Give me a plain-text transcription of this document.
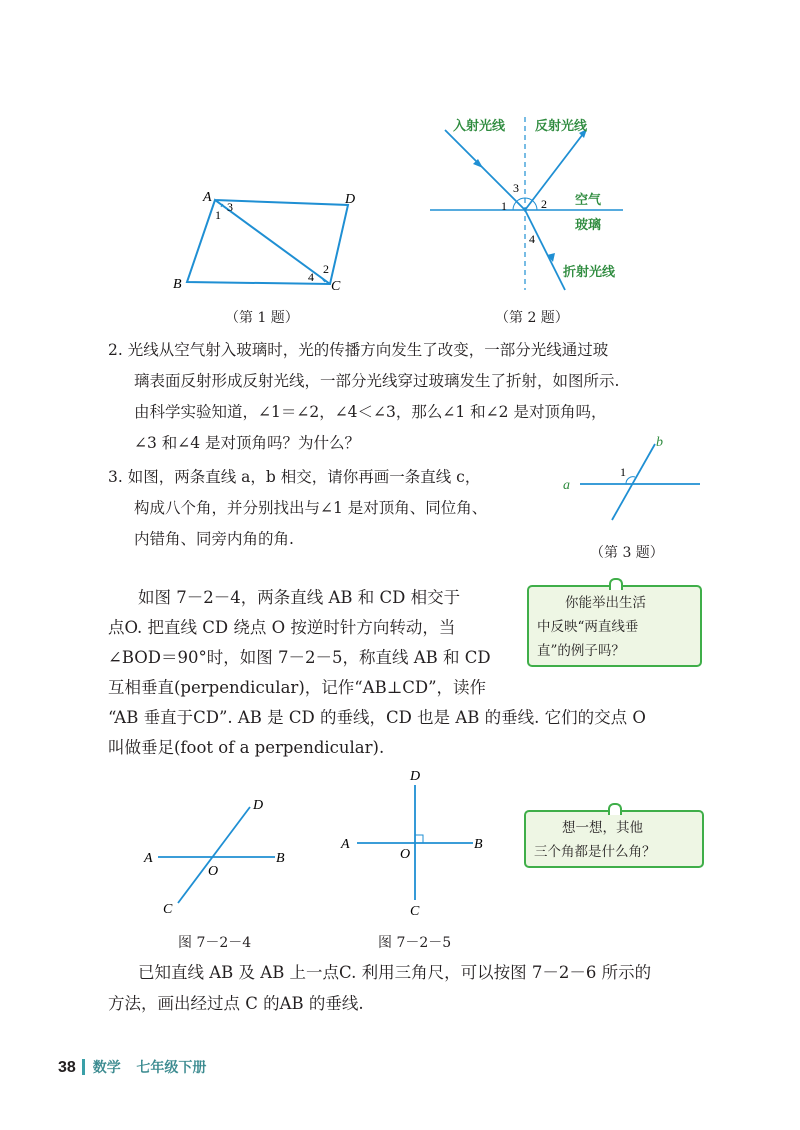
A	D
B	C
1
3
2
4
（第 1 题）
入射光线 反射光线
空气
玻璃
折射光线
1
3
2
4
（第 2 题）
2. 光线从空气射入玻璃时，光的传播方向发生了改变，一部分光线通过玻
璃表面反射形成反射光线，一部分光线穿过玻璃发生了折射，如图所示.
由科学实验知道，∠1＝∠2，∠4＜∠3，那么∠1 和∠2 是对顶角吗，
∠3 和∠4 是对顶角吗？为什么？
3. 如图，两条直线 a，b 相交，请你再画一条直线 c，
构成八个角，并分别找出与∠1 是对顶角、同位角、
内错角、同旁内角的角.
a
b
1
（第 3 题）
如图 7－2－4，两条直线 AB 和 CD 相交于
点O. 把直线 CD 绕点 O 按逆时针方向转动，当
∠BOD＝90°时，如图 7－2－5，称直线 AB 和 CD
互相垂直(perpendicular)，记作“AB⊥CD”，读作
“AB 垂直于CD”. AB 是 CD 的垂线，CD 也是 AB 的垂线. 它们的交点 O
叫做垂足(foot of a perpendicular).
你能举出生活
中反映“两直线垂
直”的例子吗？
A	B
C
D
O
图 7－2－4
A	B
C
D
O
图 7－2－5
想一想，其他
三个角都是什么角？
已知直线 AB 及 AB 上一点C. 利用三角尺，可以按图 7－2－6 所示的
方法，画出经过点 C 的AB 的垂线.
38 数学 七年级下册
